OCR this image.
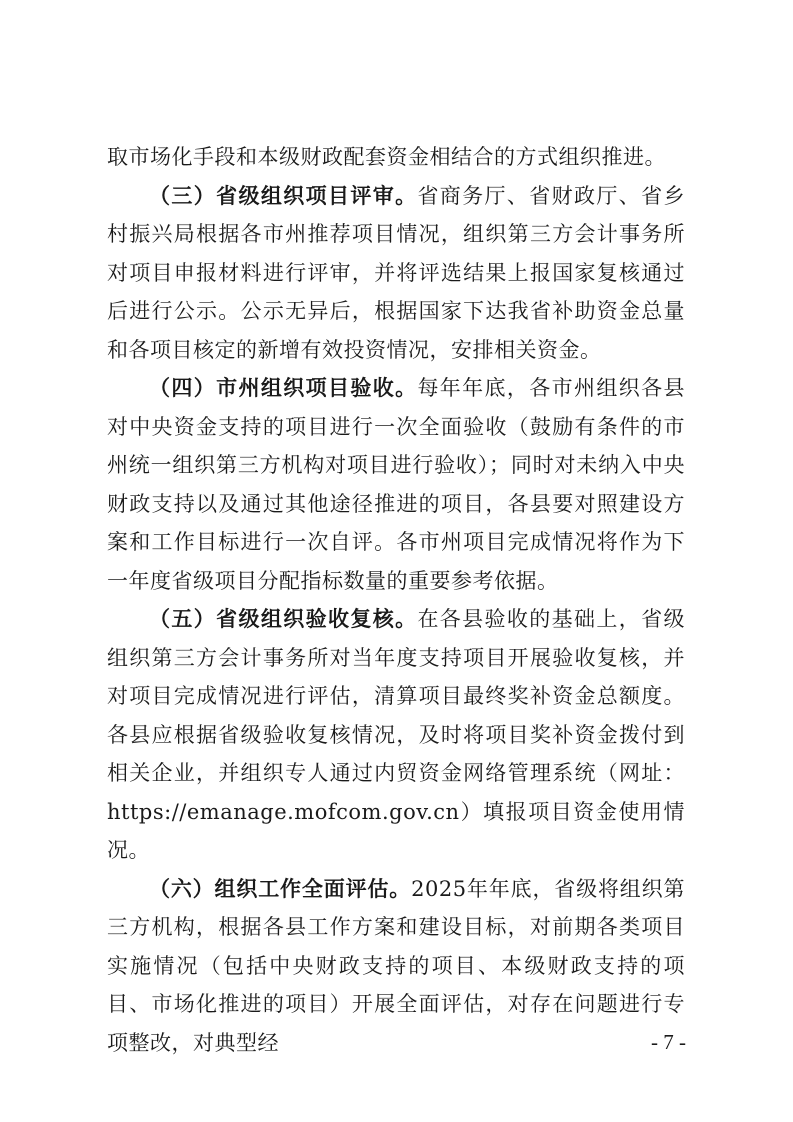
取市场化手段和本级财政配套资金相结合的方式组织推进。

（三）省级组织项目评审。省商务厅、省财政厅、省乡村振兴局根据各市州推荐项目情况，组织第三方会计事务所对项目申报材料进行评审，并将评选结果上报国家复核通过后进行公示。公示无异后，根据国家下达我省补助资金总量和各项目核定的新增有效投资情况，安排相关资金。

（四）市州组织项目验收。每年年底，各市州组织各县对中央资金支持的项目进行一次全面验收（鼓励有条件的市州统一组织第三方机构对项目进行验收）；同时对未纳入中央财政支持以及通过其他途径推进的项目，各县要对照建设方案和工作目标进行一次自评。各市州项目完成情况将作为下一年度省级项目分配指标数量的重要参考依据。

（五）省级组织验收复核。在各县验收的基础上，省级组织第三方会计事务所对当年度支持项目开展验收复核，并对项目完成情况进行评估，清算项目最终奖补资金总额度。各县应根据省级验收复核情况，及时将项目奖补资金拨付到相关企业，并组织专人通过内贸资金网络管理系统（网址：https://emanage.mofcom.gov.cn）填报项目资金使用情况。

（六）组织工作全面评估。2025年年底，省级将组织第三方机构，根据各县工作方案和建设目标，对前期各类项目实施情况（包括中央财政支持的项目、本级财政支持的项目、市场化推进的项目）开展全面评估，对存在问题进行专项整改，对典型经	- 7 -
